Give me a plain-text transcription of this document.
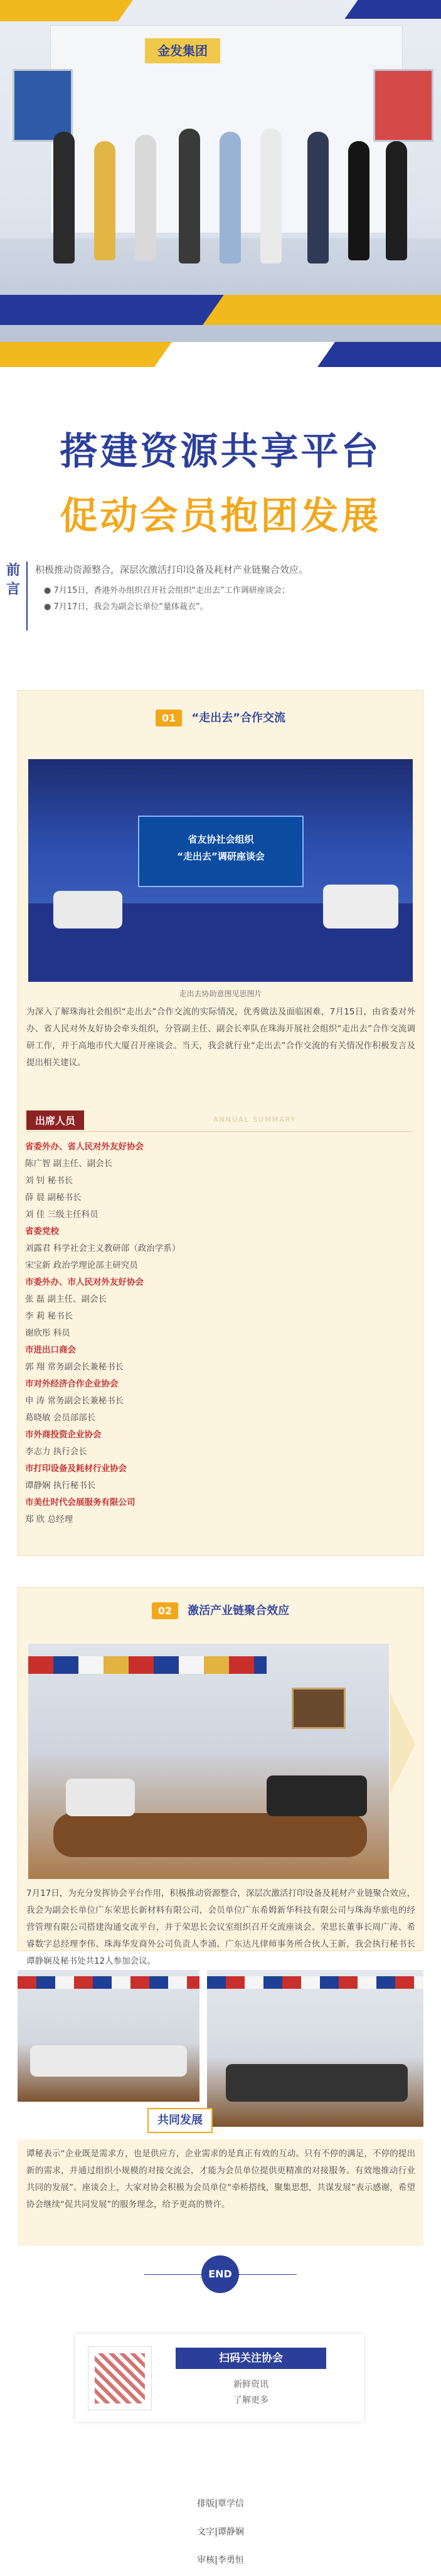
金发集团
搭建资源共享平台
促动会员抱团发展
前言
积极推动资源整合，深层次激活打印设备及耗材产业链聚合效应。
● 7月15日，香港外办组织召开社会组织“走出去”工作调研座谈会；
● 7月17日，我会为副会长单位“量体裁衣”。
01 “走出去”合作交流
省友协社会组织
“走出去”调研座谈会
走出去协助意图见思图片
为深入了解珠海社会组织“走出去”合作交流的实际情况，优秀做法及面临困难，7月15日，由省委对外办、省人民对外友好协会牵头组织，分管副主任、副会长率队在珠海开展社会组织“走出去”合作交流调研工作，并于高地市代大厦召开座谈会。当天，我会就行业“走出去”合作交流的有关情况作积极发言及提出相关建议。
出席人员	ANNUAL SUMMARY
省委外办、省人民对外友好协会
陈广智 副主任、副会长
刘 钊 秘书长
薛 晨 副秘书长
刘 佳 三级主任科员
省委党校
刘露君 科学社会主义教研部（政治学系）
宋宝新 政治学理论部主研究员
市委外办、市人民对外友好协会
张 磊 副主任、副会长
李 莉 秘书长
谢欣彤 科员
市进出口商会
郭 翔 常务副会长兼秘书长
市对外经济合作企业协会
申 涛 常务副会长兼秘书长
葛晓敏 会员部部长
市外商投资企业协会
李志力 执行会长
市打印设备及耗材行业协会
谭静娴 执行秘书长
市美仕时代会展服务有限公司
郑 欣 总经理
02 激活产业链聚合效应
7月17日，为充分发挥协会平台作用，积极推动资源整合，深层次激活打印设备及耗材产业链聚合效应，我会为副会长单位广东荣思长新材料有限公司，会员单位广东希姆新华科技有限公司与珠海华旅电的经营管理有限公司搭建沟通交流平台，并于荣思长会议室组织召开交流座谈会。荣思长董事长周广涛、希睿数字总经理李伟、珠海华发商外公司负责人李涌、广东达凡律师事务所合伙人王新，我会执行秘书长谭静娴及秘书处共12人参加会议。
共同发展
谭秘表示“企业既是需求方，也是供应方，企业需求的是真正有效的互动。只有不停的满足，不停的提出新的需求，并通过组织小规模的对接交流会，才能为会员单位提供更精准的对接服务。有效地推动行业共同的发展”。座谈会上，大家对协会积极为会员单位“牵桥搭线，聚集思想，共谋发展”表示感谢，希望协会继续“促共同发展”的服务理念，给予更高的赞许。
END
扫码关注协会
新鲜资讯
了解更多
排版|覃学信
文字|谭静娴
审核|李勇恒
